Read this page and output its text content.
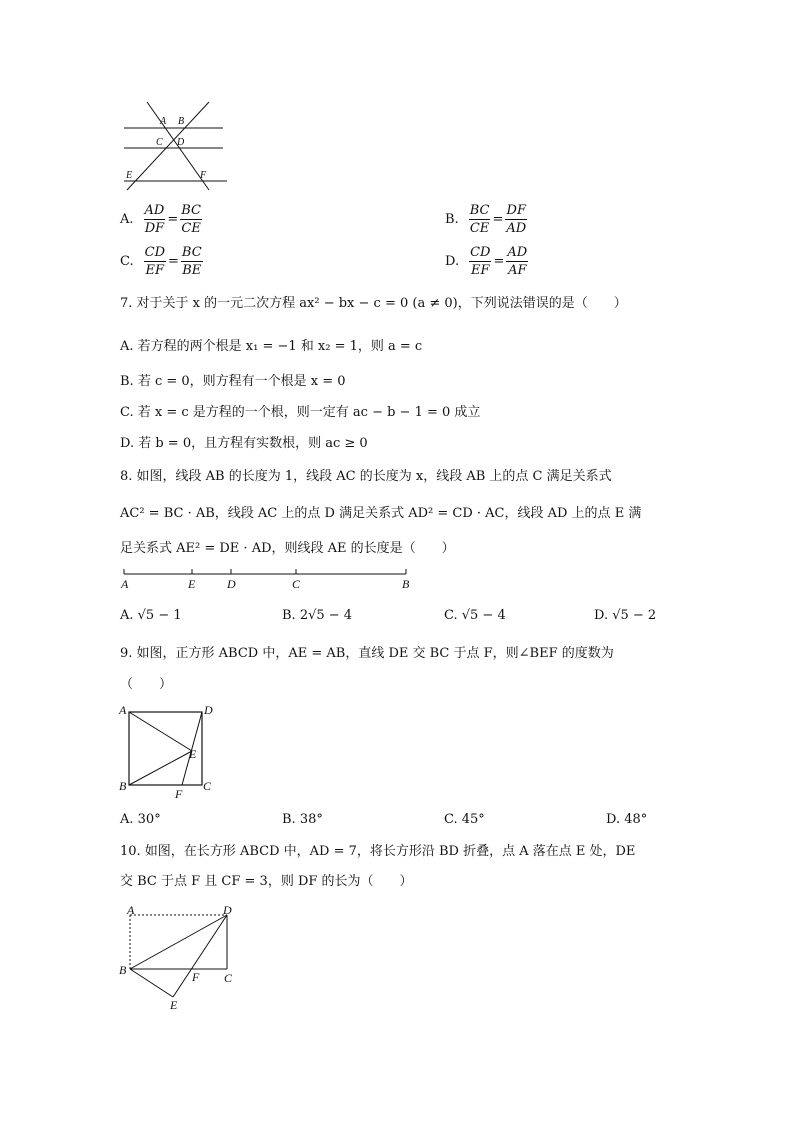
A B
C D
E	F
A. $\frac{AD}{DF} = \frac{BC}{CE}$	B. $\frac{BC}{CE} = \frac{DF}{AD}$
C. $\frac{CD}{EF} = \frac{BC}{BE}$	D. $\frac{CD}{EF} = \frac{AD}{AF}$
7. 对于关于 x 的一元二次方程 ax² − bx − c = 0 (a ≠ 0)，下列说法错误的是（　　）
A. 若方程的两个根是 x₁ = −1 和 x₂ = 1，则 a = c
B. 若 c = 0，则方程有一个根是 x = 0
C. 若 x = c 是方程的一个根，则一定有 ac − b − 1 = 0 成立
D. 若 b = 0，且方程有实数根，则 ac ≥ 0
8. 如图，线段 AB 的长度为 1，线段 AC 的长度为 x，线段 AB 上的点 C 满足关系式
AC² = BC · AB，线段 AC 上的点 D 满足关系式 AD² = CD · AC，线段 AD 上的点 E 满
足关系式 AE² = DE · AD，则线段 AE 的长度是（　　）
A	E	D	C	B
A. √5 − 1	B. 2√5 − 4	C. √5 − 4	D. √5 − 2
9. 如图，正方形 ABCD 中，AE = AB，直线 DE 交 BC 于点 F，则∠BEF 的度数为
（　　）
A	D
E
B
F
C
A. 30°	B. 38°	C. 45°	D. 48°
10. 如图，在长方形 ABCD 中，AD = 7，将长方形沿 BD 折叠，点 A 落在点 E 处，DE
交 BC 于点 F 且 CF = 3，则 DF 的长为（　　）
A	D
B	F C
E
